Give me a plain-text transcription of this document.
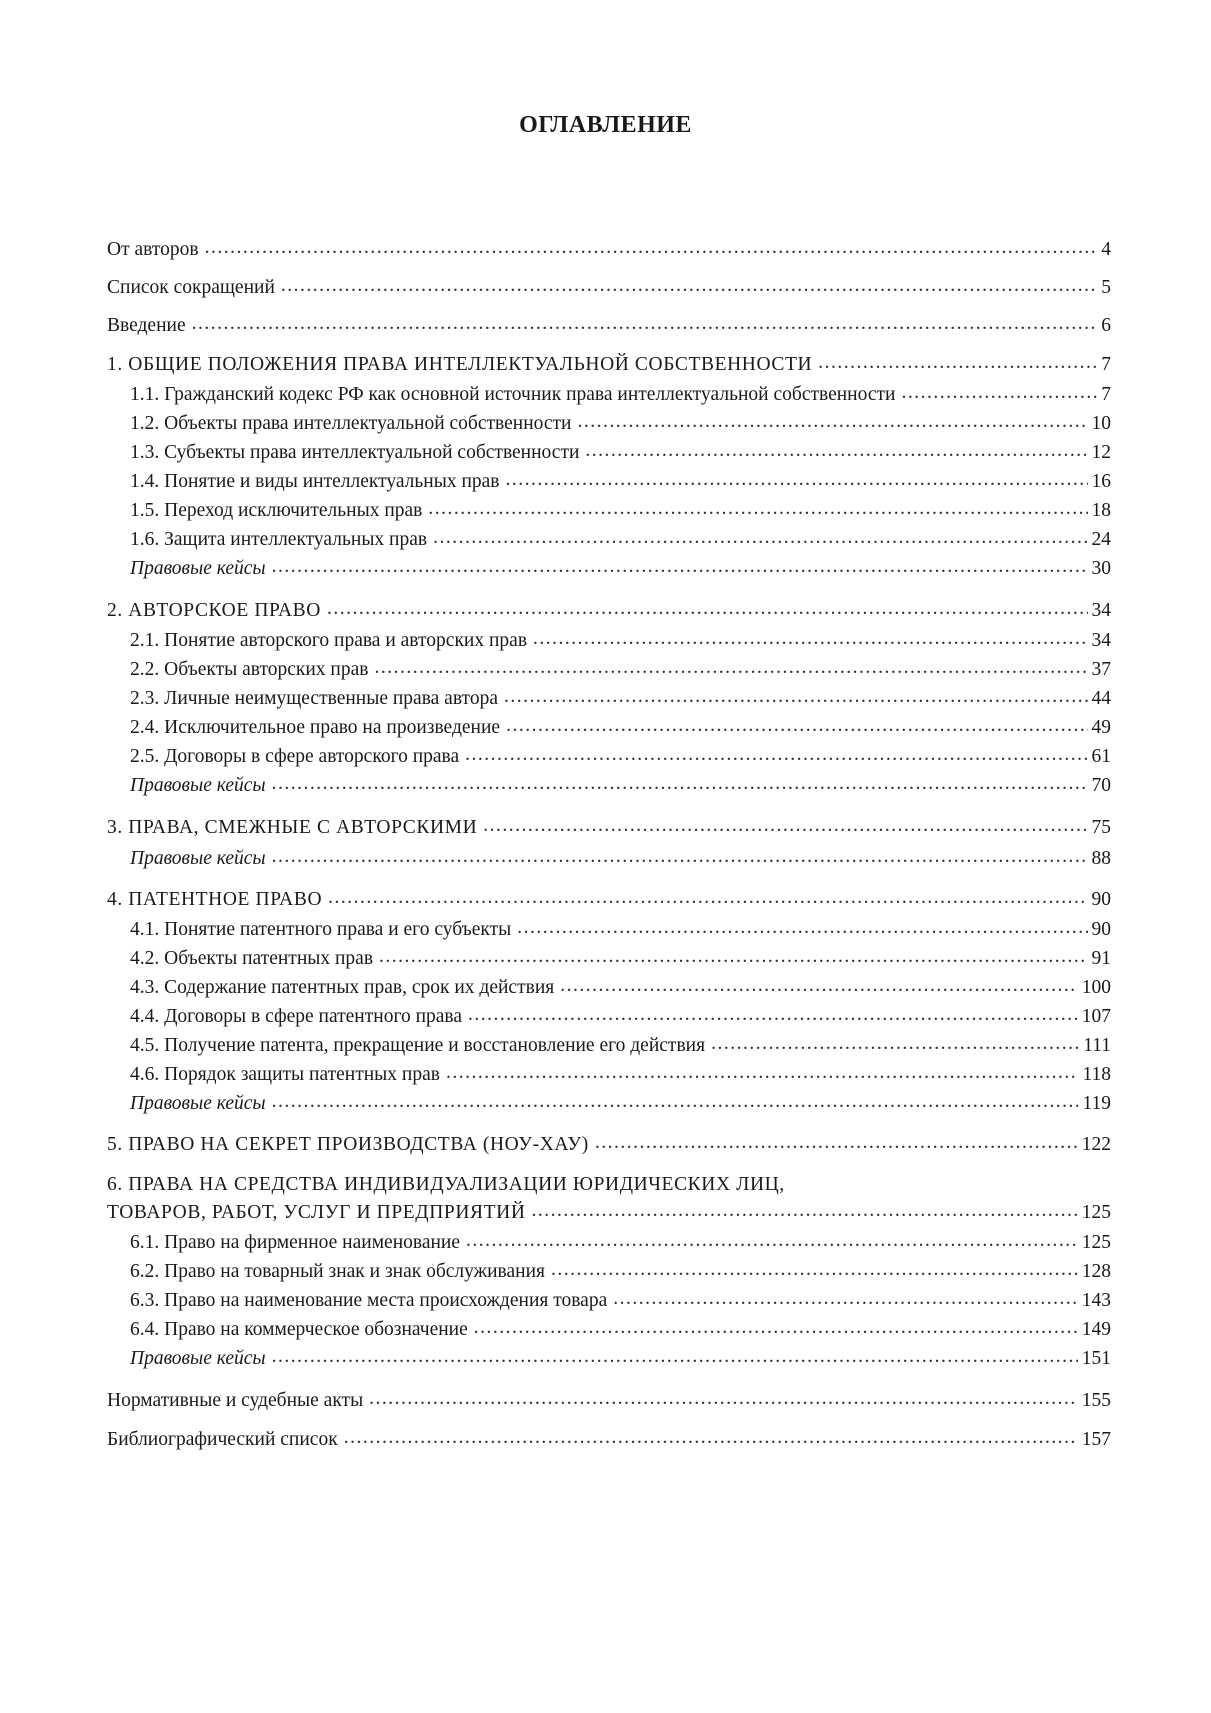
ОГЛАВЛЕНИЕ
От авторов .....	4
Список сокращений .....	5
Введение .....	6
1. ОБЩИЕ ПОЛОЖЕНИЯ ПРАВА ИНТЕЛЛЕКТУАЛЬНОЙ СОБСТВЕННОСТИ .....	7
1.1. Гражданский кодекс РФ как основной источник права интеллектуальной собственности .....	7
1.2. Объекты права интеллектуальной собственности .....	10
1.3. Субъекты права интеллектуальной собственности .....	12
1.4. Понятие и виды интеллектуальных прав .....	16
1.5. Переход исключительных прав .....	18
1.6. Защита интеллектуальных прав .....	24
Правовые кейсы .....	30
2. АВТОРСКОЕ ПРАВО .....	34
2.1. Понятие авторского права и авторских прав .....	34
2.2. Объекты авторских прав .....	37
2.3. Личные неимущественные права автора .....	44
2.4. Исключительное право на произведение .....	49
2.5. Договоры в сфере авторского права .....	61
Правовые кейсы .....	70
3. ПРАВА, СМЕЖНЫЕ С АВТОРСКИМИ .....	75
Правовые кейсы .....	88
4. ПАТЕНТНОЕ ПРАВО .....	90
4.1. Понятие патентного права и его субъекты .....	90
4.2. Объекты патентных прав .....	91
4.3. Содержание патентных прав, срок их действия .....	100
4.4. Договоры в сфере патентного права .....	107
4.5. Получение патента, прекращение и восстановление его действия .....	111
4.6. Порядок защиты патентных прав .....	118
Правовые кейсы .....	119
5. ПРАВО НА СЕКРЕТ ПРОИЗВОДСТВА (НОУ-ХАУ) .....	122
6. ПРАВА НА СРЕДСТВА ИНДИВИДУАЛИЗАЦИИ ЮРИДИЧЕСКИХ ЛИЦ,
ТОВАРОВ, РАБОТ, УСЛУГ И ПРЕДПРИЯТИЙ .....	125
6.1. Право на фирменное наименование .....	125
6.2. Право на товарный знак и знак обслуживания .....	128
6.3. Право на наименование места происхождения товара .....	143
6.4. Право на коммерческое обозначение .....	149
Правовые кейсы .....	151
Нормативные и судебные акты .....	155
Библиографический список .....	157
